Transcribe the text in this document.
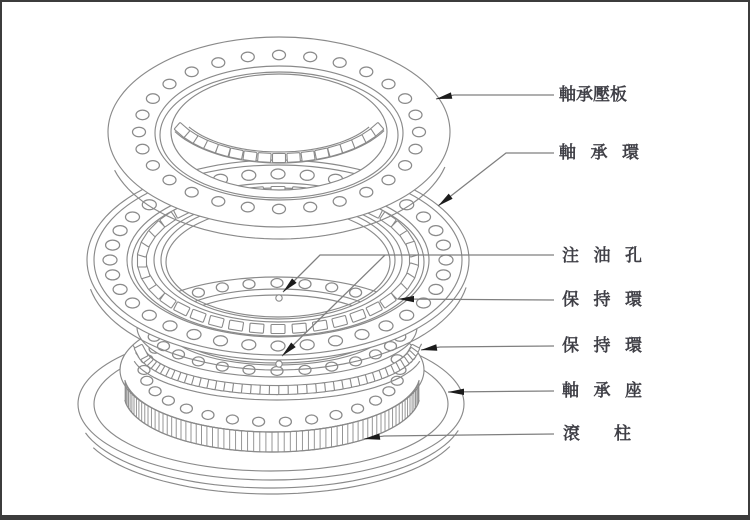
軸 承 壓 板
軸 承 環
注 油 孔
保 持 環
保 持 環
軸 承 座
滾 柱
